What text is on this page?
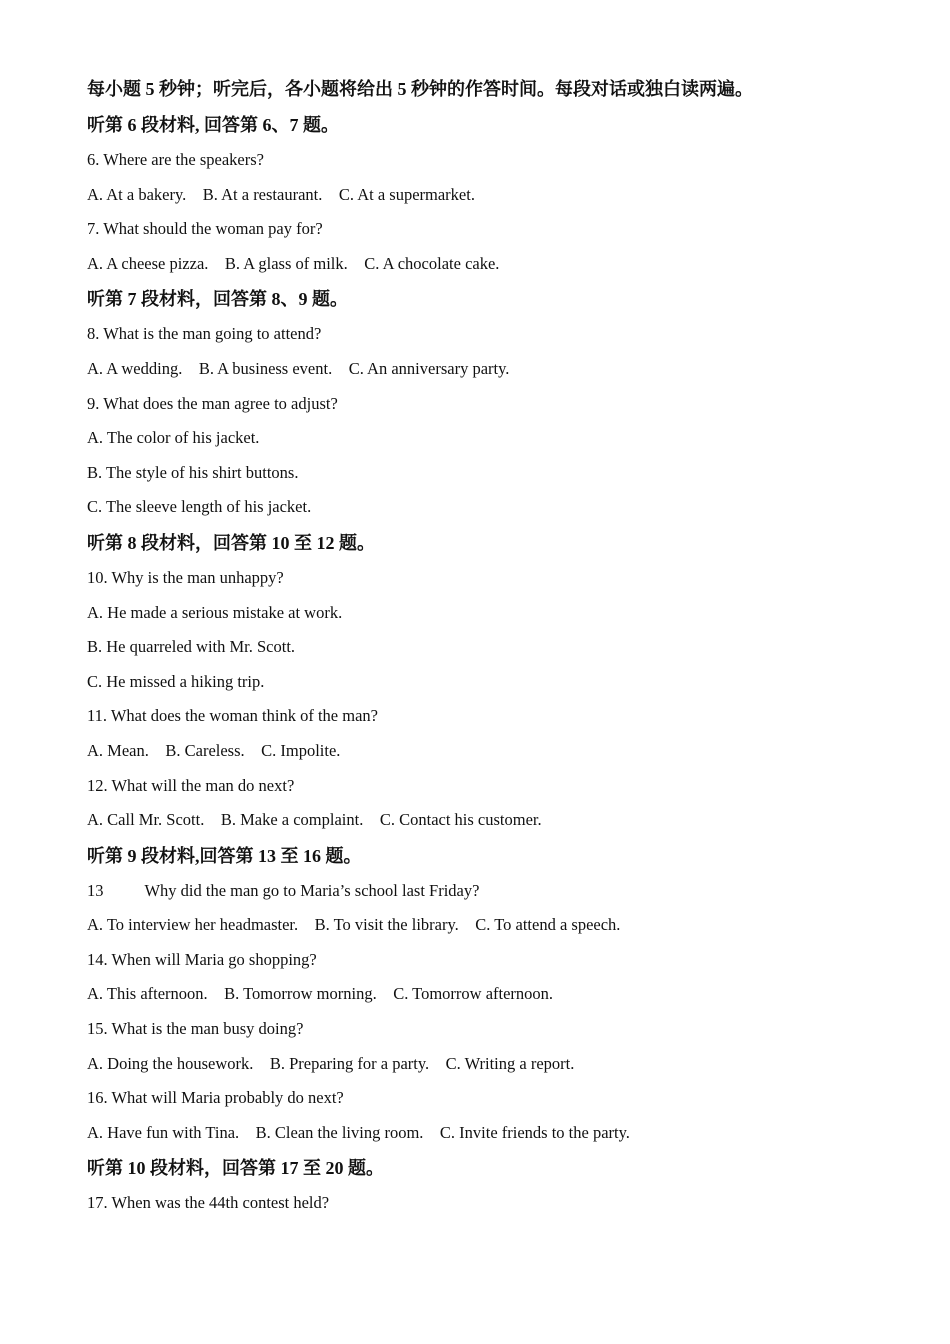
每小题 5 秒钟；听完后，各小题将给出 5 秒钟的作答时间。每段对话或独白读两遍。
听第 6 段材料, 回答第 6、7 题。
6. Where are the speakers?
A. At a bakery.    B. At a restaurant.    C. At a supermarket.
7. What should the woman pay for?
A. A cheese pizza.    B. A glass of milk.    C. A chocolate cake.
听第 7 段材料，回答第 8、9 题。
8. What is the man going to attend?
A. A wedding.    B. A business event.    C. An anniversary party.
9. What does the man agree to adjust?
A. The color of his jacket.
B. The style of his shirt buttons.
C. The sleeve length of his jacket.
听第 8 段材料，回答第 10 至 12 题。
10. Why is the man unhappy?
A. He made a serious mistake at work.
B. He quarreled with Mr. Scott.
C. He missed a hiking trip.
11. What does the woman think of the man?
A. Mean.    B. Careless.    C. Impolite.
12. What will the man do next?
A. Call Mr. Scott.    B. Make a complaint.    C. Contact his customer.
听第 9 段材料,回答第 13 至 16 题。
13          Why did the man go to Maria’s school last Friday?
A. To interview her headmaster.    B. To visit the library.    C. To attend a speech.
14. When will Maria go shopping?
A. This afternoon.    B. Tomorrow morning.    C. Tomorrow afternoon.
15. What is the man busy doing?
A. Doing the housework.    B. Preparing for a party.    C. Writing a report.
16. What will Maria probably do next?
A. Have fun with Tina.    B. Clean the living room.    C. Invite friends to the party.
听第 10 段材料，回答第 17 至 20 题。
17. When was the 44th contest held?
